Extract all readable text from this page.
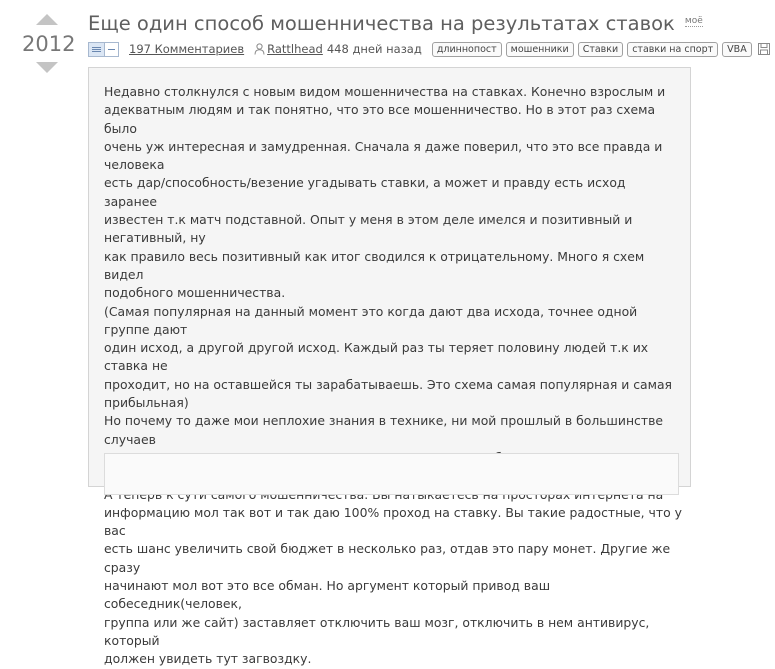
2012
Еще один способ мошенничества на результатах ставок $^{моё}$
197 Комментариев Rattlhead 448 дней назад	длиннопост	мошенники	Ставки	ставки на спорт	VBA

Недавно столкнулся с новым видом мошенничества на ставках. Конечно взрослым и

адекватным людям и так понятно, что это все мошенничество. Но в этот раз схема было

очень уж интересная и замудренная. Сначала я даже поверил, что это все правда и человека

есть дар/способность/везение угадывать ставки, а может и правду есть исход заранее

известен т.к матч подставной. Опыт у меня в этом деле имелся и позитивный и негативный, ну

как правило весь позитивный как итог сводился к отрицательному. Много я схем видел

подобного мошенничества.

(Самая популярная на данный момент это когда дают два исхода, точнее одной группе дают

один исход, а другой другой исход. Каждый раз ты теряет половину людей т.к их ставка не

проходит, но на оставшейся ты зарабатываешь. Это схема самая популярная и самая

прибыльная)

Но почему то даже мои неплохие знания в технике, ни мой прошлый в большинстве случаев

информацию мол так вот и так даю 100% проход на ставку. Вы такие радостные, что у вас

есть шанс увеличить свой бюджет в несколько раз, отдав это пару монет. Другие же сразу

начинают мол вот это все обман. Но аргумент который привод ваш собеседник(человек,

группа или же сайт) заставляет отключить ваш мозг, отключить в нем антивирус, который

должен увидеть тут загвоздку.
